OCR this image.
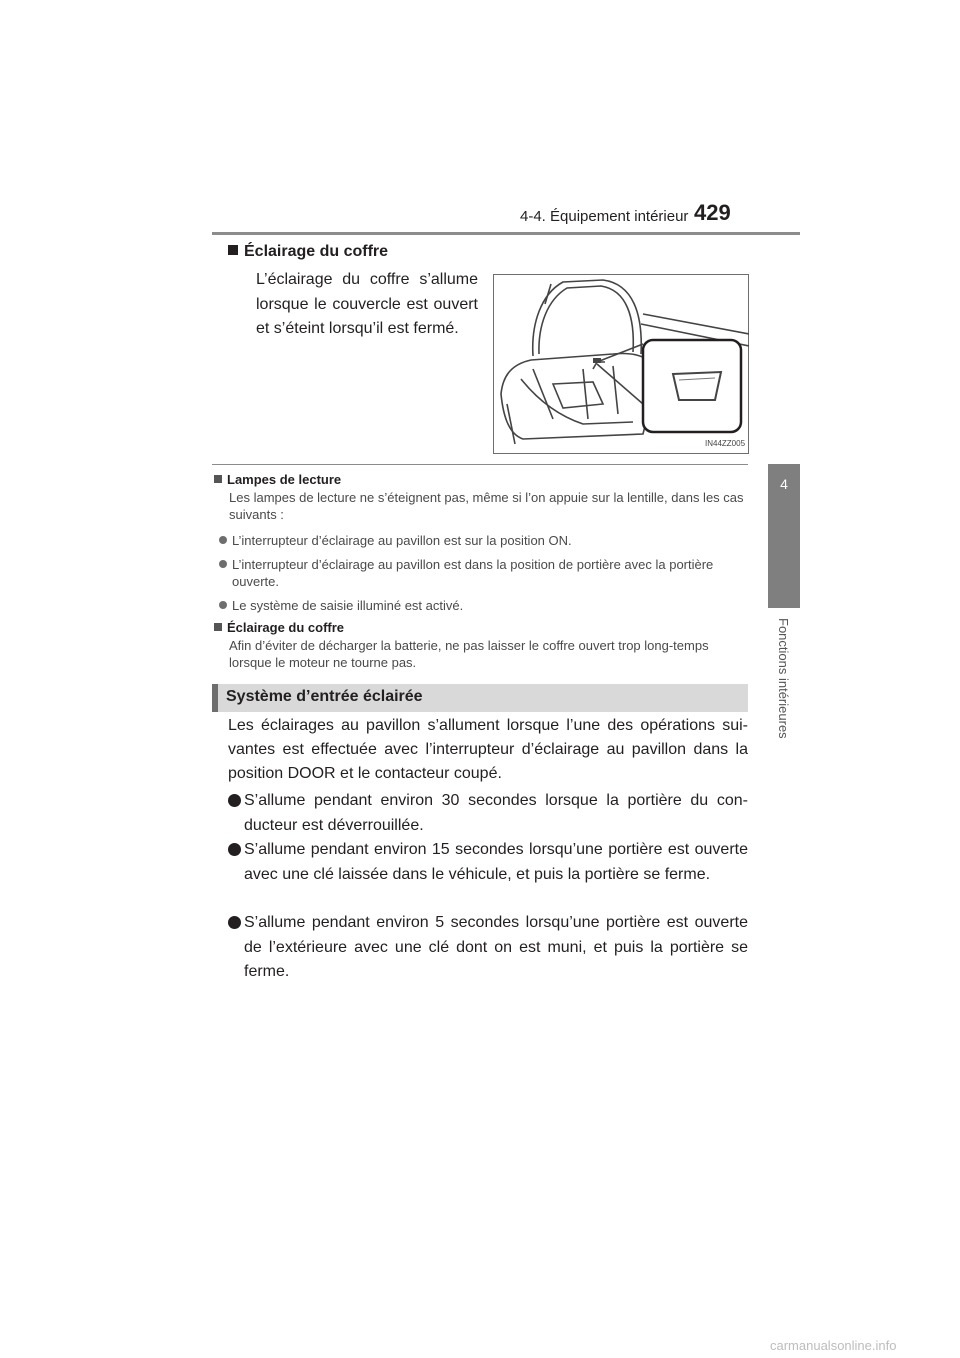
4-4. Équipement intérieur 429
4
Fonctions intérieures
Éclairage du coffre
L’éclairage du coffre s’allume lorsque le couvercle est ouvert et s’éteint lorsqu’il est fermé.
IN44ZZ005
Lampes de lecture
Les lampes de lecture ne s’éteignent pas, même si l’on appuie sur la lentille, dans les cas suivants :
L’interrupteur d’éclairage au pavillon est sur la position ON.
L’interrupteur d’éclairage au pavillon est dans la position de portière avec la portière ouverte.
Le système de saisie illuminé est activé.
Éclairage du coffre
Afin d’éviter de décharger la batterie, ne pas laisser le coffre ouvert trop long-temps lorsque le moteur ne tourne pas.
Système d’entrée éclairée
Les éclairages au pavillon s’allument lorsque l’une des opérations sui-vantes est effectuée avec l’interrupteur d’éclairage au pavillon dans la position DOOR et le contacteur coupé.
S’allume pendant environ 30 secondes lorsque la portière du con-ducteur est déverrouillée.
S’allume pendant environ 15 secondes lorsqu’une portière est ouverte avec une clé laissée dans le véhicule, et puis la portière se ferme.
S’allume pendant environ 5 secondes lorsqu’une portière est ouverte de l’extérieure avec une clé dont on est muni, et puis la portière se ferme.
carmanualsonline.info
